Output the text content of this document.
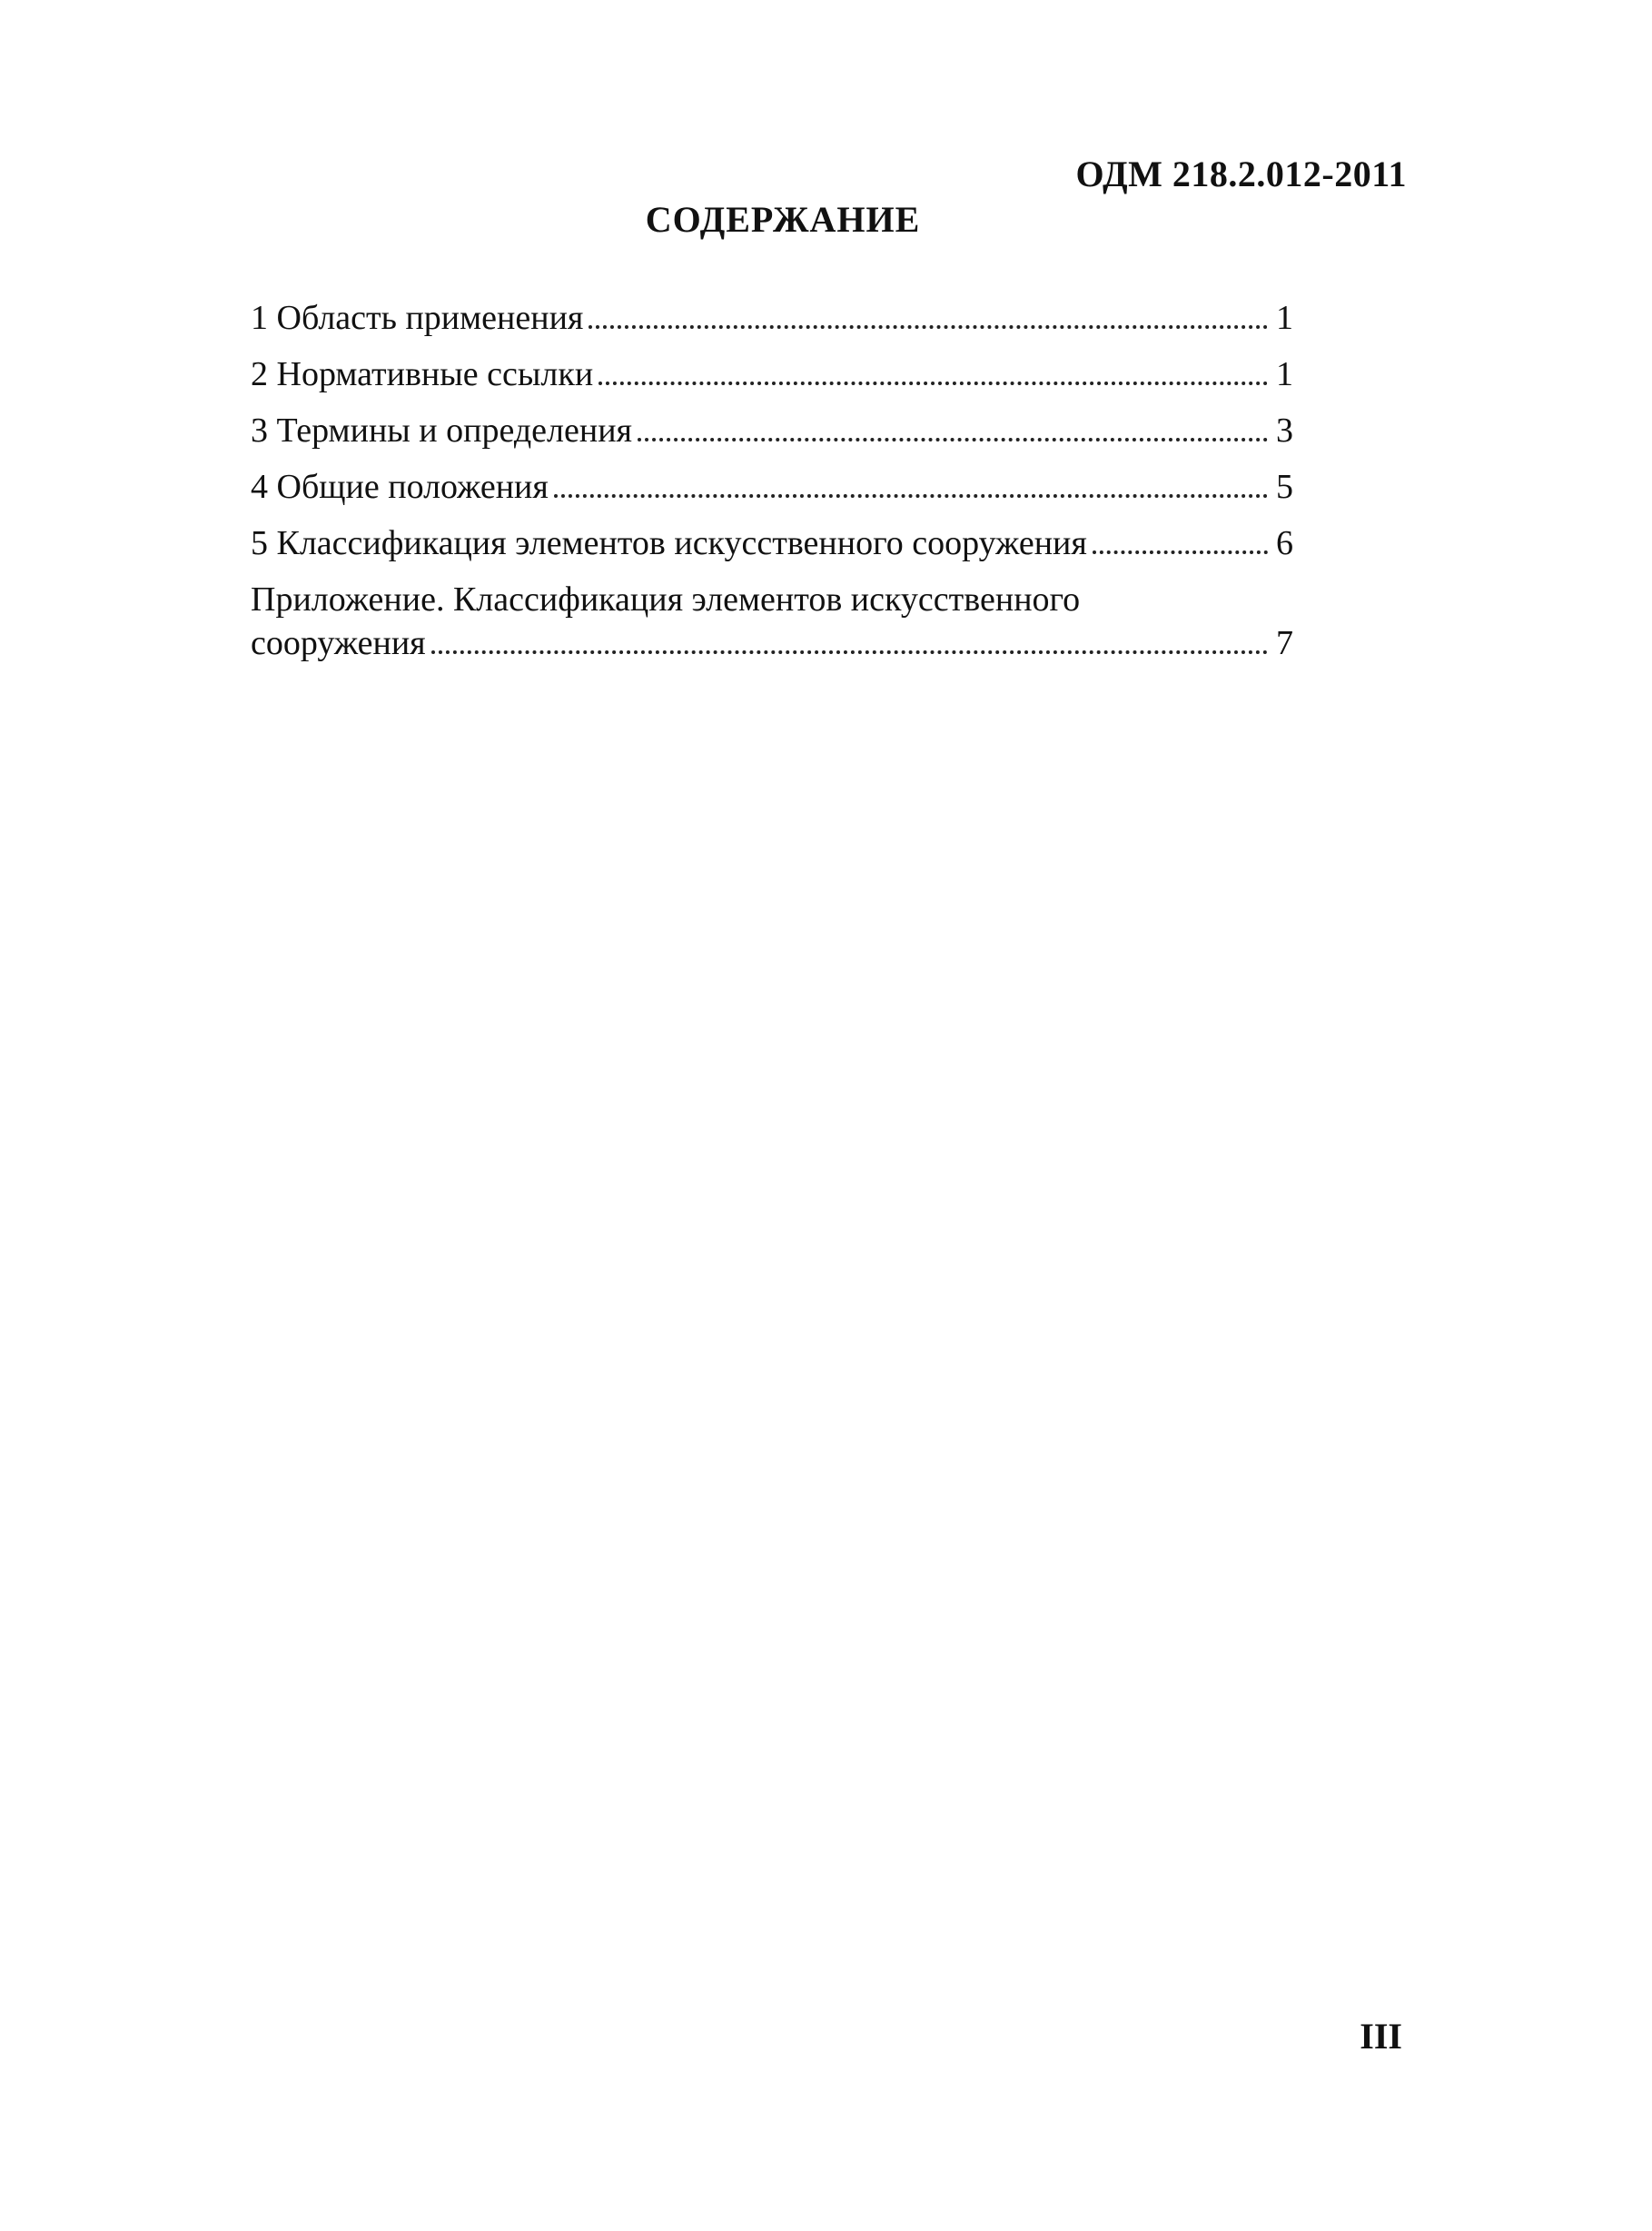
ОДМ 218.2.012-2011
СОДЕРЖАНИЕ
1 Область применения	1
2 Нормативные ссылки	1
3 Термины и определения	3
4 Общие положения	5
5 Классификация элементов искусственного сооружения	6
Приложение. Классификация элементов искусственного
сооружения	7
III
